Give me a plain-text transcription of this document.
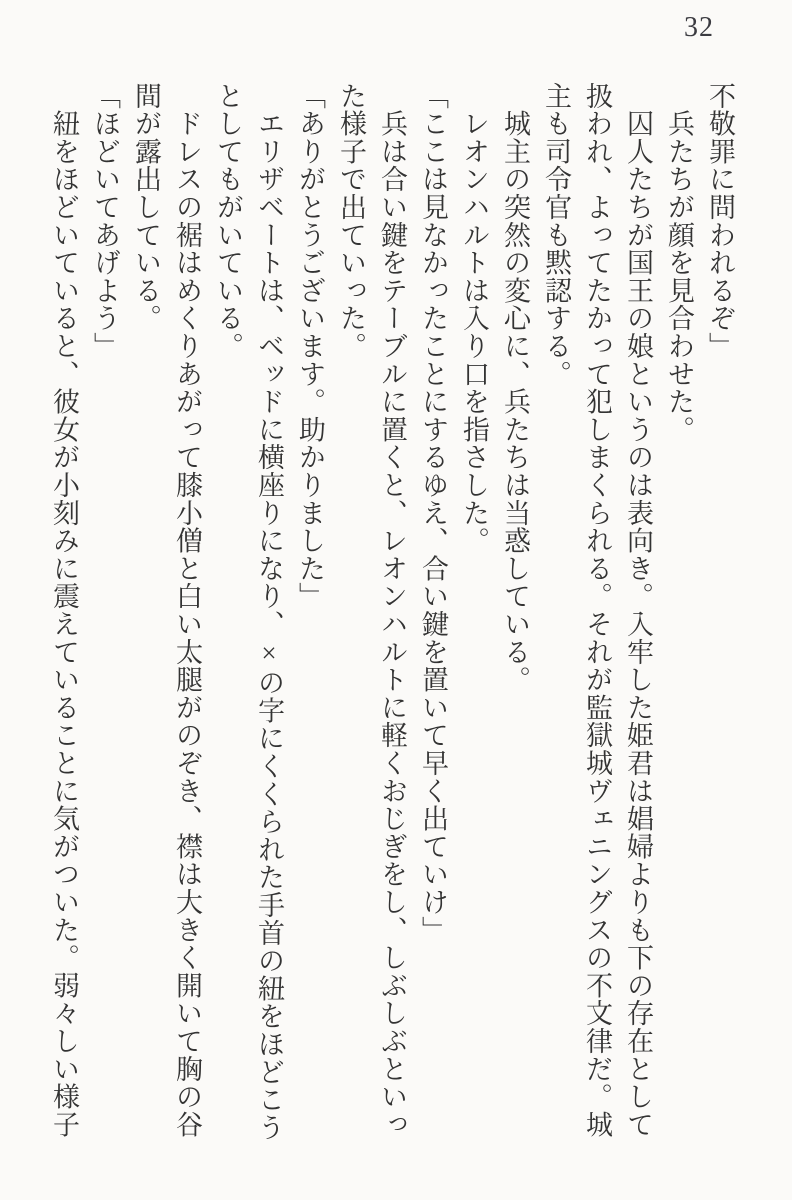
32

不敬罪に問われるぞ」

　兵たちが顔を見合わせた。

　囚人たちが国王の娘というのは表向き。入牢した姫君は娼婦よりも下の存在として

扱われ、よってたかって犯しまくられる。それが監獄城ヴェニングスの不文律だ。城

主も司令官も黙認する。

　城主の突然の変心に、兵たちは当惑している。

　レオンハルトは入り口を指さした。

「ここは見なかったことにするゆえ、合い鍵を置いて早く出ていけ」

　兵は合い鍵をテーブルに置くと、レオンハルトに軽くおじぎをし、しぶしぶといっ

た様子で出ていった。

「ありがとうございます。助かりました」

　エリザベートは、ベッドに横座りになり、×の字にくくられた手首の紐をほどこう

としてもがいている。

　ドレスの裾はめくりあがって膝小僧と白い太腿がのぞき、襟は大きく開いて胸の谷

間が露出している。

「ほどいてあげよう」

　紐をほどいていると、彼女が小刻みに震えていることに気がついた。弱々しい様子
